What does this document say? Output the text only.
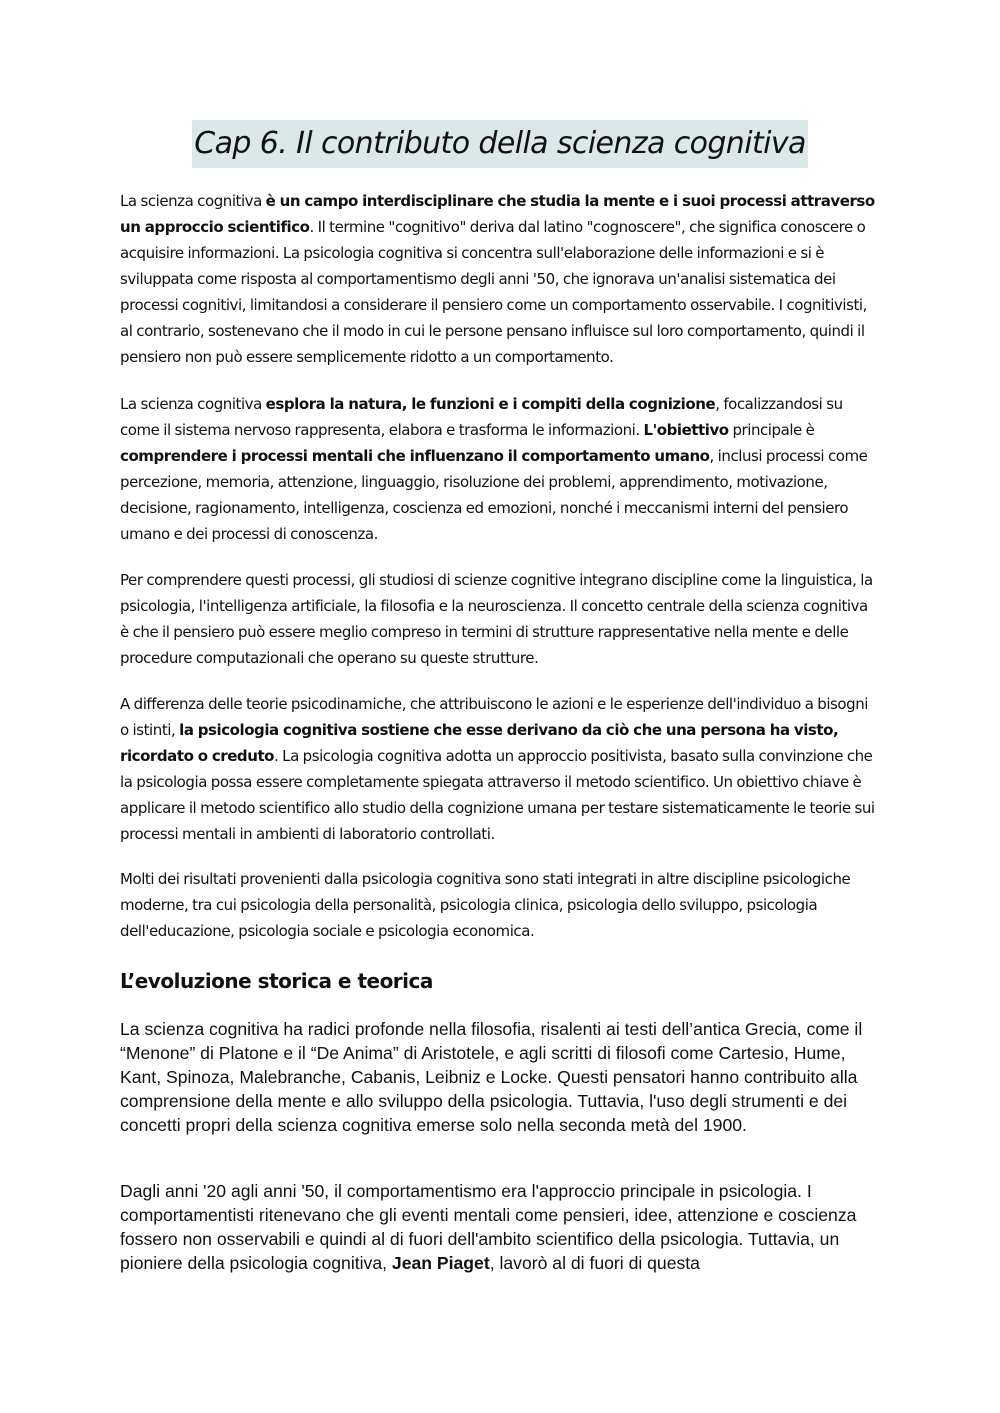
Cap 6. Il contributo della scienza cognitiva

La scienza cognitiva è un campo interdisciplinare che studia la mente e i suoi processi attraverso un approccio scientifico. Il termine "cognitivo" deriva dal latino "cognoscere", che significa conoscere o acquisire informazioni. La psicologia cognitiva si concentra sull'elaborazione delle informazioni e si è sviluppata come risposta al comportamentismo degli anni '50, che ignorava un'analisi sistematica dei processi cognitivi, limitandosi a considerare il pensiero come un comportamento osservabile. I cognitivisti, al contrario, sostenevano che il modo in cui le persone pensano influisce sul loro comportamento, quindi il pensiero non può essere semplicemente ridotto a un comportamento.

La scienza cognitiva esplora la natura, le funzioni e i compiti della cognizione, focalizzandosi su come il sistema nervoso rappresenta, elabora e trasforma le informazioni. L'obiettivo principale è comprendere i processi mentali che influenzano il comportamento umano, inclusi processi come percezione, memoria, attenzione, linguaggio, risoluzione dei problemi, apprendimento, motivazione, decisione, ragionamento, intelligenza, coscienza ed emozioni, nonché i meccanismi interni del pensiero umano e dei processi di conoscenza.

Per comprendere questi processi, gli studiosi di scienze cognitive integrano discipline come la linguistica, la psicologia, l'intelligenza artificiale, la filosofia e la neuroscienza. Il concetto centrale della scienza cognitiva è che il pensiero può essere meglio compreso in termini di strutture rappresentative nella mente e delle procedure computazionali che operano su queste strutture.

A differenza delle teorie psicodinamiche, che attribuiscono le azioni e le esperienze dell'individuo a bisogni o istinti, la psicologia cognitiva sostiene che esse derivano da ciò che una persona ha visto, ricordato o creduto. La psicologia cognitiva adotta un approccio positivista, basato sulla convinzione che la psicologia possa essere completamente spiegata attraverso il metodo scientifico. Un obiettivo chiave è applicare il metodo scientifico allo studio della cognizione umana per testare sistematicamente le teorie sui processi mentali in ambienti di laboratorio controllati.

Molti dei risultati provenienti dalla psicologia cognitiva sono stati integrati in altre discipline psicologiche moderne, tra cui psicologia della personalità, psicologia clinica, psicologia dello sviluppo, psicologia dell'educazione, psicologia sociale e psicologia economica.

L’evoluzione storica e teorica

La scienza cognitiva ha radici profonde nella filosofia, risalenti ai testi dell’antica Grecia, come il “Menone” di Platone e il “De Anima” di Aristotele, e agli scritti di filosofi come Cartesio, Hume, Kant, Spinoza, Malebranche, Cabanis, Leibniz e Locke. Questi pensatori hanno contribuito alla comprensione della mente e allo sviluppo della psicologia. Tuttavia, l'uso degli strumenti e dei concetti propri della scienza cognitiva emerse solo nella seconda metà del 1900.

Dagli anni '20 agli anni '50, il comportamentismo era l'approccio principale in psicologia. I comportamentisti ritenevano che gli eventi mentali come pensieri, idee, attenzione e coscienza fossero non osservabili e quindi al di fuori dell'ambito scientifico della psicologia. Tuttavia, un pioniere della psicologia cognitiva, Jean Piaget, lavorò al di fuori di questa
